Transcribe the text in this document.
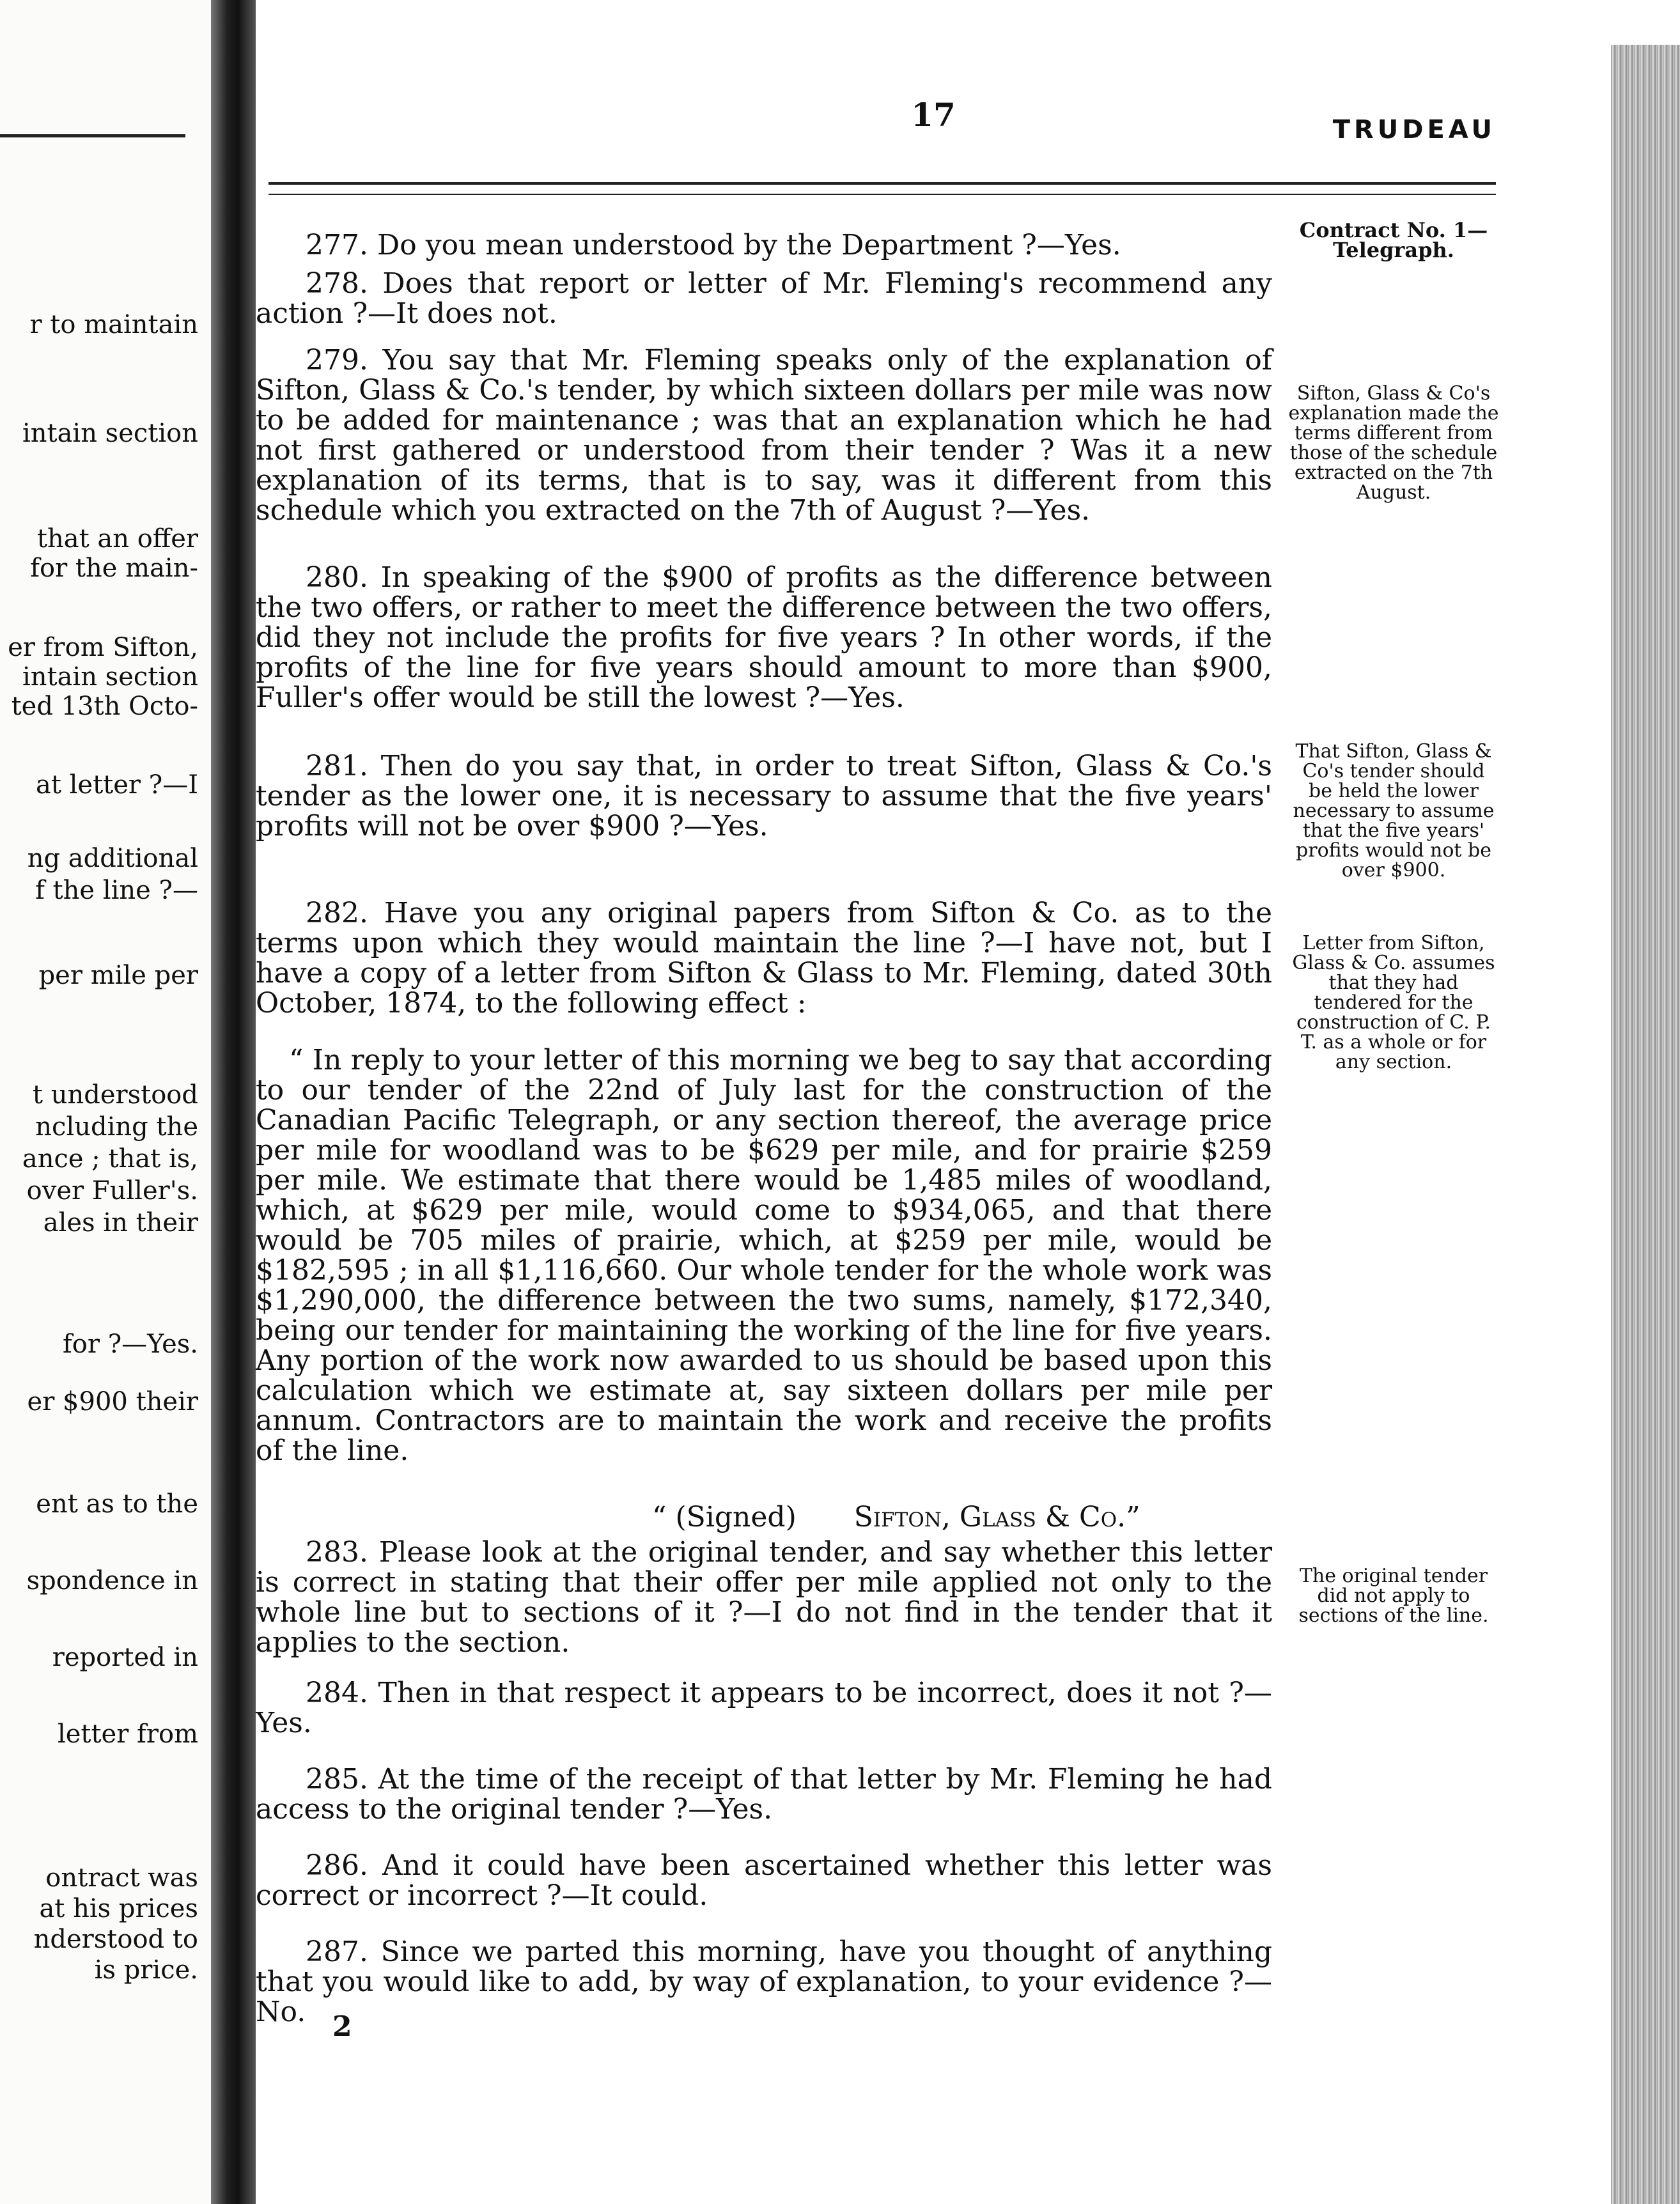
r to maintain
intain section
that an offer
for the main-
er from Sifton,
intain section
ted 13th Octo-
at letter ?—I
ng additional
f the line ?—
per mile per
t understood
ncluding the
ance ; that is,
over Fuller's.
ales in their
for ?—Yes.
er $900 their
ent as to the
spondence in
reported in
letter from
ontract was
at his prices
nderstood to
is price.
17	TRUDEAU

277. Do you mean understood by the Department ?—Yes.

278. Does that report or letter of Mr. Fleming's recommend any action ?—It does not.

279. You say that Mr. Fleming speaks only of the explanation of Sifton, Glass & Co.'s tender, by which sixteen dollars per mile was now to be added for maintenance ; was that an explanation which he had not first gathered or understood from their tender ? Was it a new explanation of its terms, that is to say, was it different from this schedule which you extracted on the 7th of August ?—Yes.

280. In speaking of the $900 of profits as the difference between the two offers, or rather to meet the difference between the two offers, did they not include the profits for five years ? In other words, if the profits of the line for five years should amount to more than $900, Fuller's offer would be still the lowest ?—Yes.

281. Then do you say that, in order to treat Sifton, Glass & Co.'s tender as the lower one, it is necessary to assume that the five years' profits will not be over $900 ?—Yes.

282. Have you any original papers from Sifton & Co. as to the terms upon which they would maintain the line ?—I have not, but I have a copy of a letter from Sifton & Glass to Mr. Fleming, dated 30th October, 1874, to the following effect :

“ In reply to your letter of this morning we beg to say that according to our tender of the 22nd of July last for the construction of the Canadian Pacific Telegraph, or any section thereof, the average price per mile for woodland was to be $629 per mile, and for prairie $259 per mile. We estimate that there would be 1,485 miles of woodland, which, at $629 per mile, would come to $934,065, and that there would be 705 miles of prairie, which, at $259 per mile, would be $182,595 ; in all $1,116,660. Our whole tender for the whole work was $1,290,000, the difference between the two sums, namely, $172,340, being our tender for maintaining the working of the line for five years. Any portion of the work now awarded to us should be based upon this calculation which we estimate at, say sixteen dollars per mile per annum. Contractors are to maintain the work and receive the profits of the line.

283. Please look at the original tender, and say whether this letter is correct in stating that their offer per mile applied not only to the whole line but to sections of it ?—I do not find in the tender that it applies to the section.

284. Then in that respect it appears to be incorrect, does it not ?—Yes.

285. At the time of the receipt of that letter by Mr. Fleming he had access to the original tender ?—Yes.

286. And it could have been ascertained whether this letter was correct or incorrect ?—It could.

287. Since we parted this morning, have you thought of anything that you would like to add, by way of explanation, to your evidence ?—No.

“ (Signed) Sifton, Glass & Co.”

Contract No. 1—Telegraph.

Sifton, Glass & Co's explanation made the terms different from those of the schedule extracted on the 7th August.

That Sifton, Glass & Co's tender should be held the lower necessary to assume that the five years' profits would not be over $900.

Letter from Sifton, Glass & Co. assumes that they had tendered for the construction of C. P. T. as a whole or for any section.

The original tender did not apply to sections of the line.

2
